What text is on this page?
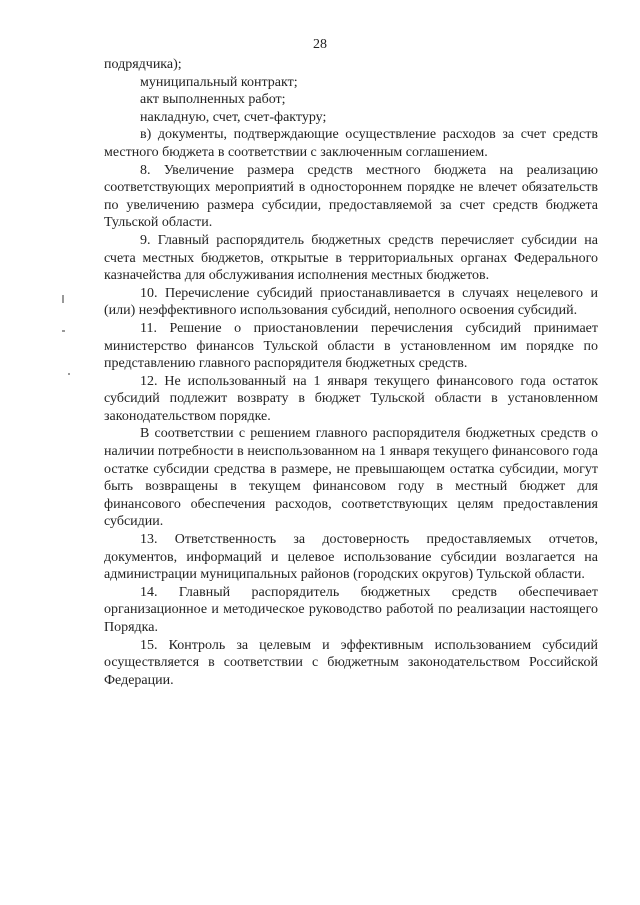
28

подрядчика);

муниципальный контракт;

акт выполненных работ;

накладную, счет, счет-фактуру;

в) документы, подтверждающие осуществление расходов за счет средств местного бюджета в соответствии с заключенным соглашением.

8. Увеличение размера средств местного бюджета на реализацию соответствующих мероприятий в одностороннем порядке не влечет обязательств по увеличению размера субсидии, предоставляемой за счет средств бюджета Тульской области.

9. Главный распорядитель бюджетных средств перечисляет субсидии на счета местных бюджетов, открытые в территориальных органах Федерального казначейства для обслуживания исполнения местных бюджетов.

10. Перечисление субсидий приостанавливается в случаях нецелевого и (или) неэффективного использования субсидий, неполного освоения субсидий.

11. Решение о приостановлении перечисления субсидий принимает министерство финансов Тульской области в установленном им порядке по представлению главного распорядителя бюджетных средств.

12. Не использованный на 1 января текущего финансового года остаток субсидий подлежит возврату в бюджет Тульской области в установленном законодательством порядке.

В соответствии с решением главного распорядителя бюджетных средств о наличии потребности в неиспользованном на 1 января текущего финансового года остатке субсидии средства в размере, не превышающем остатка субсидии, могут быть возвращены в текущем финансовом году в местный бюджет для финансового обеспечения расходов, соответствующих целям предоставления субсидии.

13. Ответственность за достоверность предоставляемых отчетов, документов, информаций и целевое использование субсидии возлагается на администрации муниципальных районов (городских округов) Тульской области.

14. Главный распорядитель бюджетных средств обеспечивает организационное и методическое руководство работой по реализации настоящего Порядка.

15. Контроль за целевым и эффективным использованием субсидий осуществляется в соответствии с бюджетным законодательством Российской Федерации.
